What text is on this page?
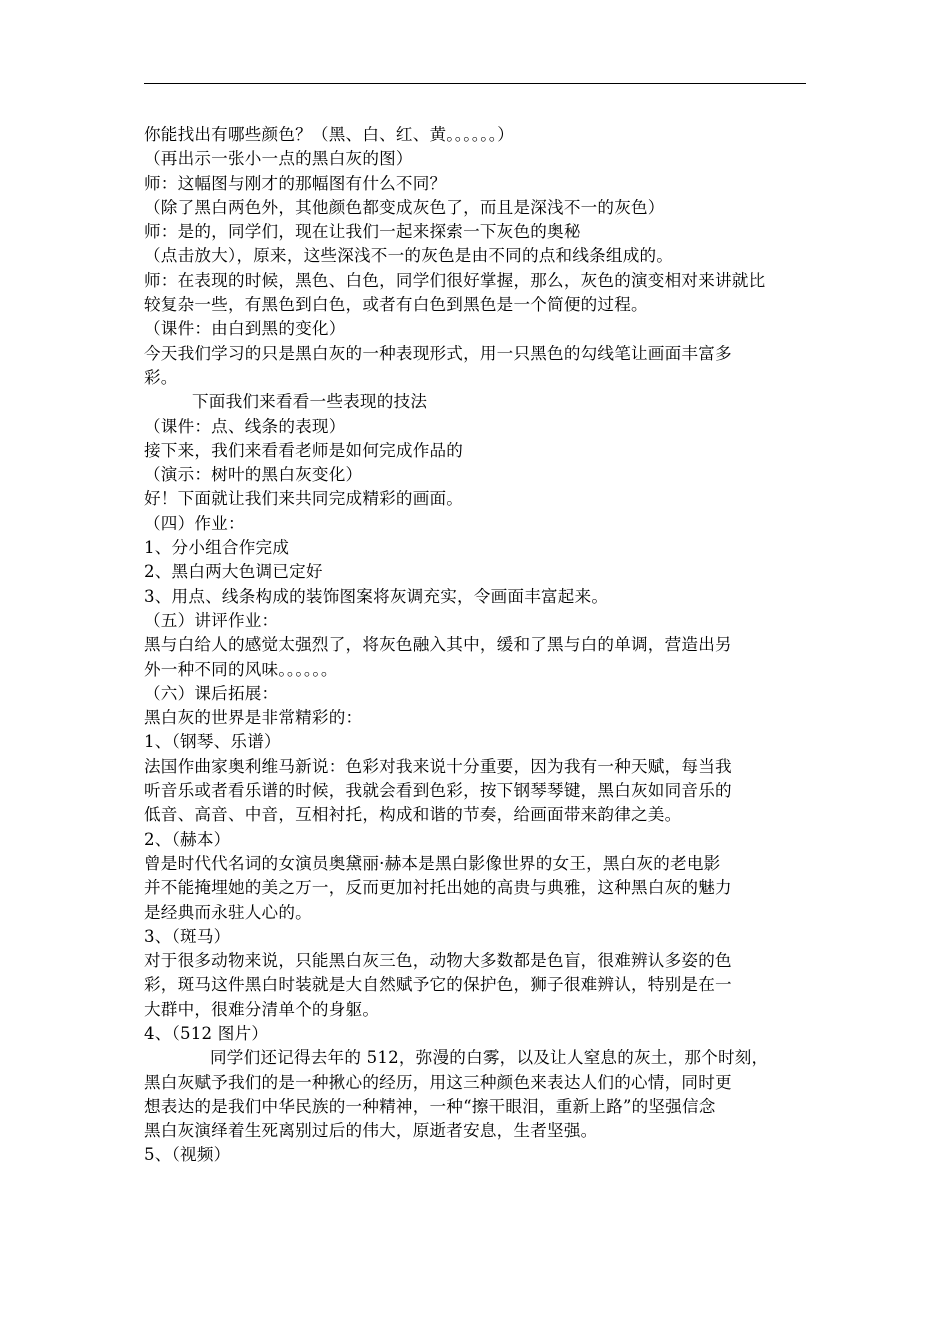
你能找出有哪些颜色？（黑、白、红、黄。。。。。。）
（再出示一张小一点的黑白灰的图）
师：这幅图与刚才的那幅图有什么不同？
（除了黑白两色外，其他颜色都变成灰色了，而且是深浅不一的灰色）
师：是的，同学们，现在让我们一起来探索一下灰色的奥秘
（点击放大），原来，这些深浅不一的灰色是由不同的点和线条组成的。
师：在表现的时候，黑色、白色，同学们很好掌握，那么，灰色的演变相对来讲就比
较复杂一些，有黑色到白色，或者有白色到黑色是一个简便的过程。
（课件：由白到黑的变化）
今天我们学习的只是黑白灰的一种表现形式，用一只黑色的勾线笔让画面丰富多
彩。
下面我们来看看一些表现的技法
（课件：点、线条的表现）
接下来，我们来看看老师是如何完成作品的
（演示：树叶的黑白灰变化）
好！下面就让我们来共同完成精彩的画面。
（四）作业：
1、分小组合作完成
2、黑白两大色调已定好
3、用点、线条构成的装饰图案将灰调充实，令画面丰富起来。
（五）讲评作业：
黑与白给人的感觉太强烈了，将灰色融入其中，缓和了黑与白的单调，营造出另
外一种不同的风味。。。。。。
（六）课后拓展：
黑白灰的世界是非常精彩的：
1、（钢琴、乐谱）
法国作曲家奥利维马新说：色彩对我来说十分重要，因为我有一种天赋，每当我
听音乐或者看乐谱的时候，我就会看到色彩，按下钢琴琴键，黑白灰如同音乐的
低音、高音、中音，互相衬托，构成和谐的节奏，给画面带来韵律之美。
2、（赫本）
曾是时代代名词的女演员奥黛丽·赫本是黑白影像世界的女王，黑白灰的老电影
并不能掩埋她的美之万一，反而更加衬托出她的高贵与典雅，这种黑白灰的魅力
是经典而永驻人心的。
3、（斑马）
对于很多动物来说，只能黑白灰三色，动物大多数都是色盲，很难辨认多姿的色
彩，斑马这件黑白时装就是大自然赋予它的保护色，狮子很难辨认，特别是在一
大群中，很难分清单个的身躯。
4、（512 图片）
同学们还记得去年的 512，弥漫的白雾，以及让人窒息的灰土，那个时刻，
黑白灰赋予我们的是一种揪心的经历，用这三种颜色来表达人们的心情，同时更
想表达的是我们中华民族的一种精神，一种“擦干眼泪，重新上路”的坚强信念
黑白灰演绎着生死离别过后的伟大，原逝者安息，生者坚强。
5、（视频）
